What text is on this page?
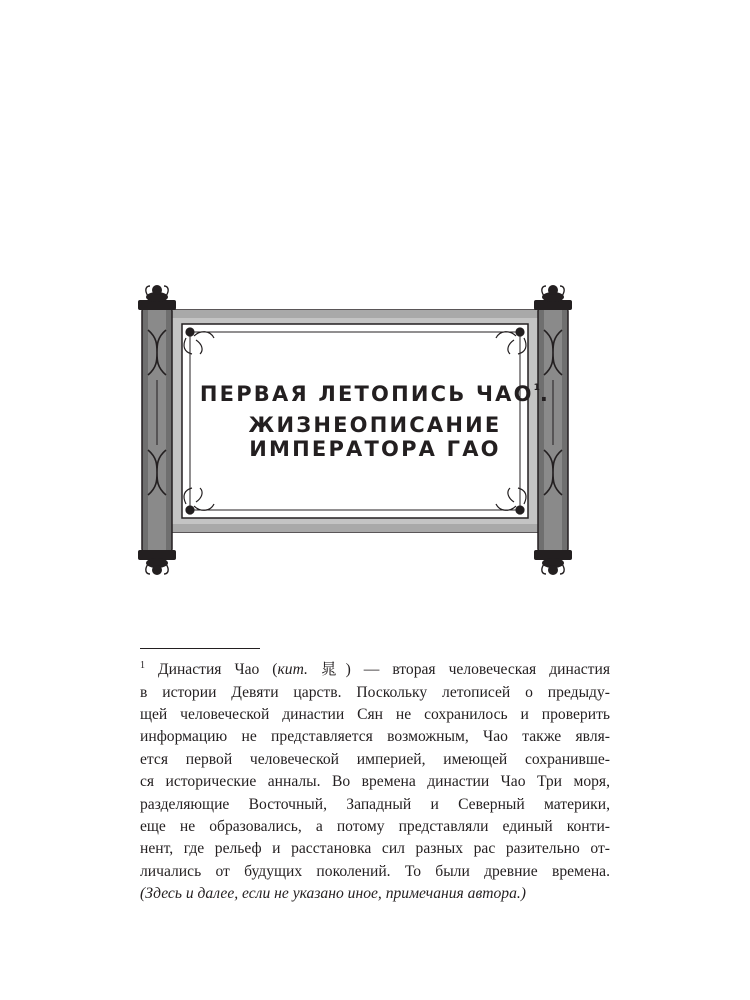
ПЕРВАЯ ЛЕТОПИСЬ ЧАО$^1$.
ЖИЗНЕОПИСАНИЕ
ИМПЕРАТОРА ГАО
$^1$ Династия Чао (кит. 晁) — вторая человеческая династия
в истории Девяти царств. Поскольку летописей о предыду-
щей человеческой династии Сян не сохранилось и проверить
информацию не представляется возможным, Чао также явля-
ется первой человеческой империей, имеющей сохранивше-
ся исторические анналы. Во времена династии Чао Три моря,
разделяющие Восточный, Западный и Северный материки,
еще не образовались, а потому представляли единый конти-
нент, где рельеф и расстановка сил разных рас разительно от-
личались от будущих поколений. То были древние времена.
(Здесь и далее, если не указано иное, примечания автора.)
